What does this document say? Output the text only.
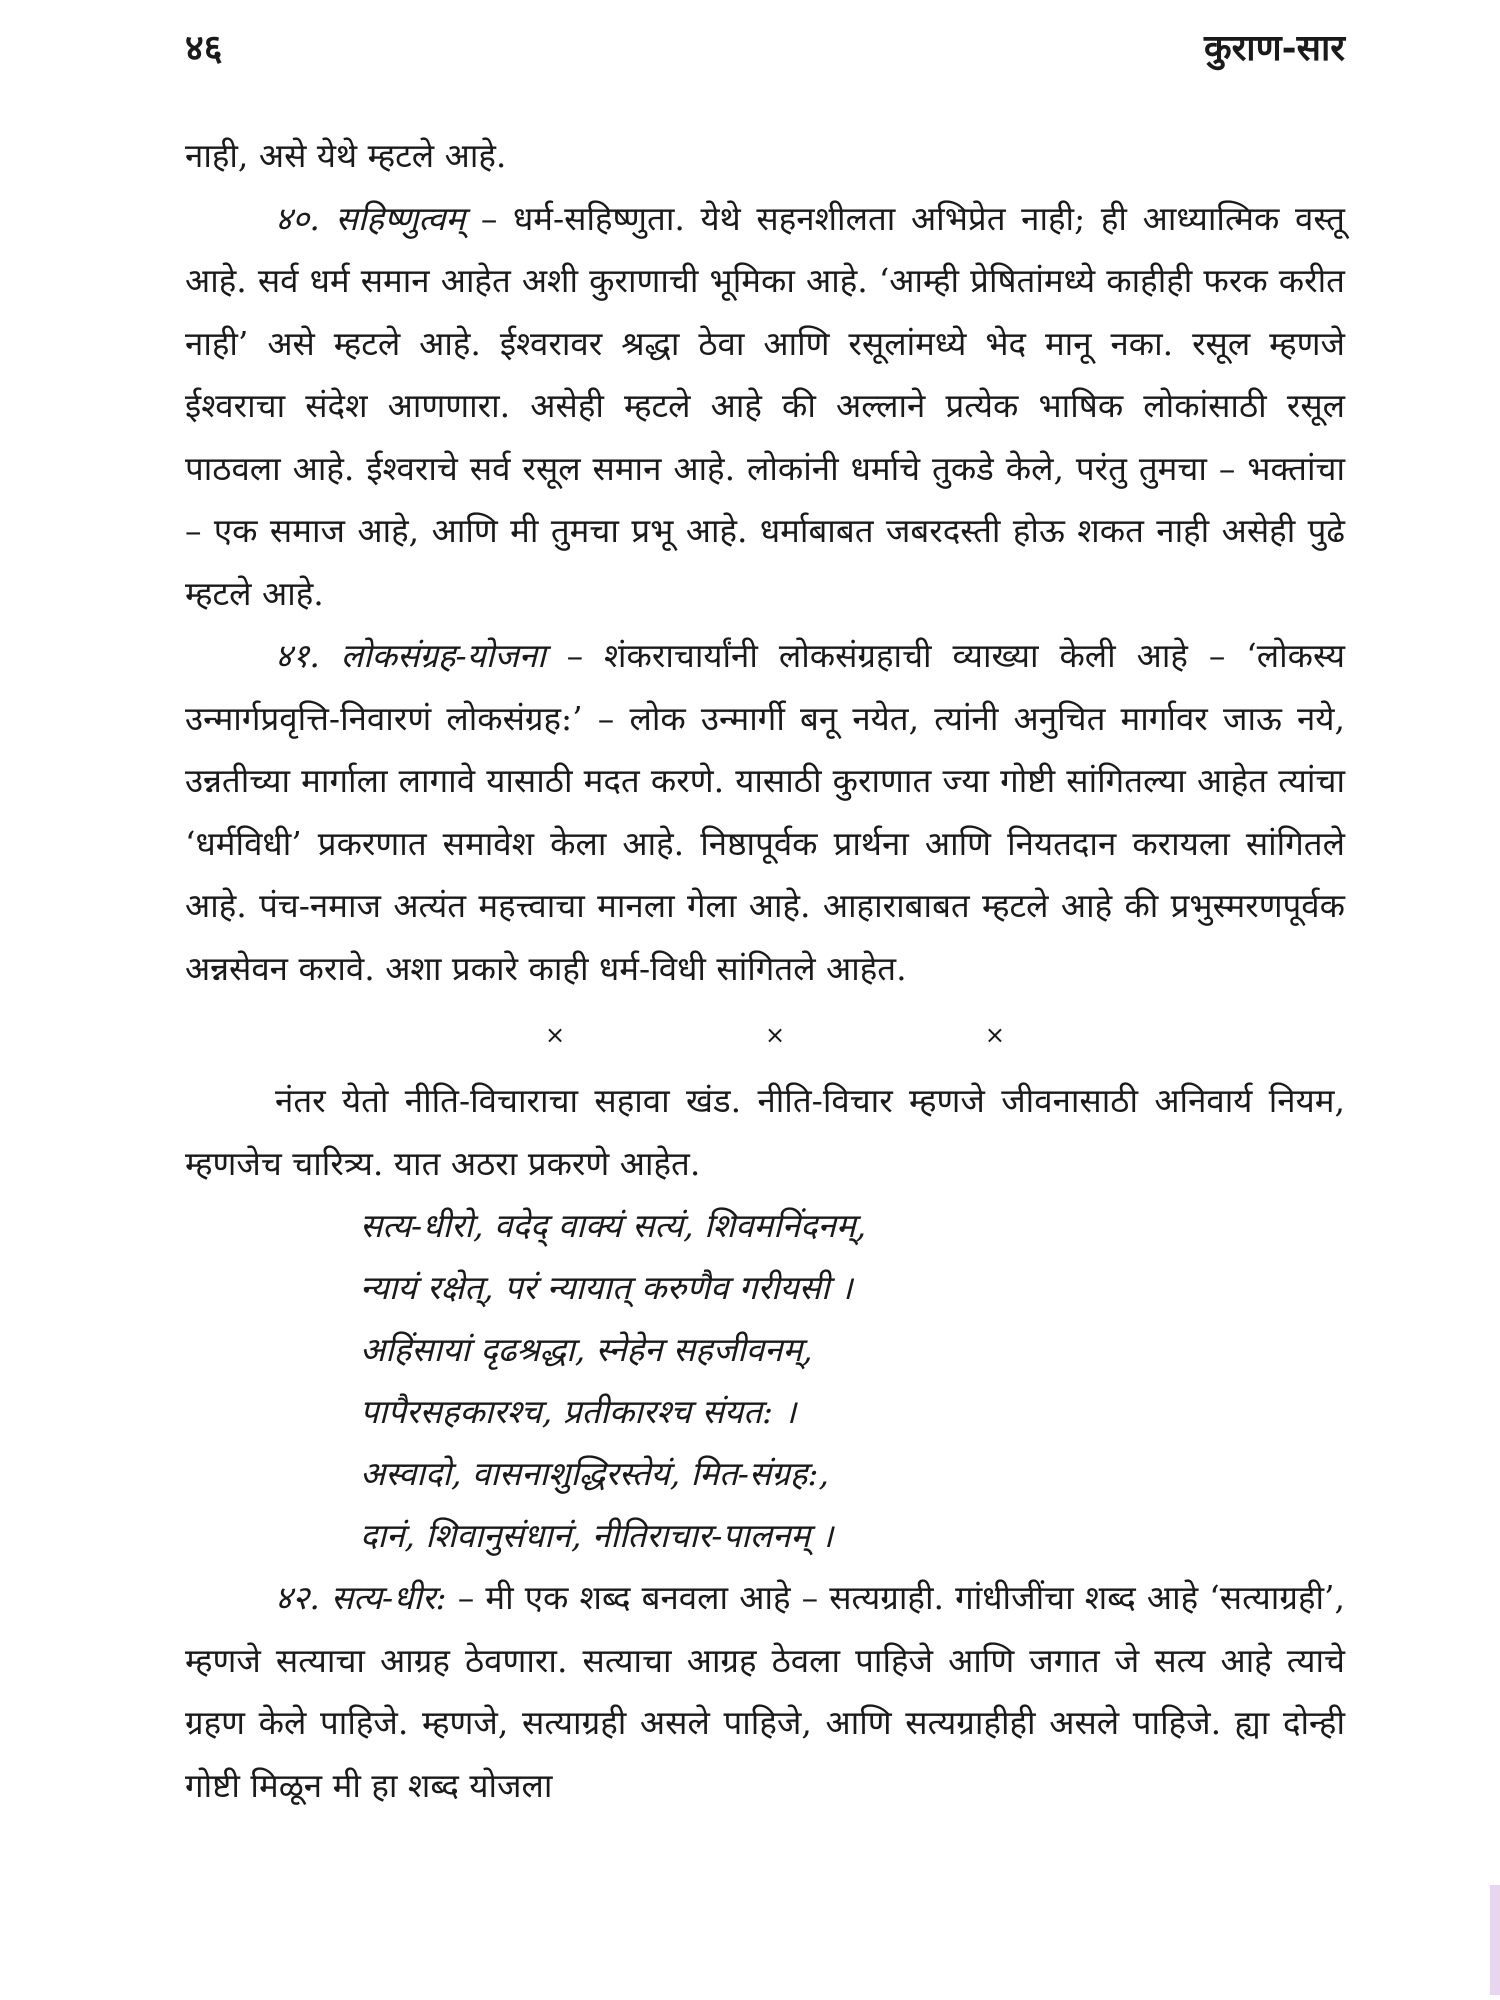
४६	कुराण-सार

नाही, असे येथे म्हटले आहे.

४०. सहिष्णुत्वम् – धर्म-सहिष्णुता. येथे सहनशीलता अभिप्रेत नाही; ही आध्यात्मिक वस्तू आहे. सर्व धर्म समान आहेत अशी कुराणाची भूमिका आहे. ‘आम्ही प्रेषितांमध्ये काहीही फरक करीत नाही’ असे म्हटले आहे. ईश्वरावर श्रद्धा ठेवा आणि रसूलांमध्ये भेद मानू नका. रसूल म्हणजे ईश्वराचा संदेश आणणारा. असेही म्हटले आहे की अल्लाने प्रत्येक भाषिक लोकांसाठी रसूल पाठवला आहे. ईश्वराचे सर्व रसूल समान आहे. लोकांनी धर्माचे तुकडे केले, परंतु तुमचा – भक्तांचा – एक समाज आहे, आणि मी तुमचा प्रभू आहे. धर्माबाबत जबरदस्ती होऊ शकत नाही असेही पुढे म्हटले आहे.

४१. लोकसंग्रह-योजना – शंकराचार्यांनी लोकसंग्रहाची व्याख्या केली आहे – ‘लोकस्य उन्मार्गप्रवृत्ति-निवारणं लोकसंग्रह:’ – लोक उन्मार्गी बनू नयेत, त्यांनी अनुचित मार्गावर जाऊ नये, उन्नतीच्या मार्गाला लागावे यासाठी मदत करणे. यासाठी कुराणात ज्या गोष्टी सांगितल्या आहेत त्यांचा ‘धर्मविधी’ प्रकरणात समावेश केला आहे. निष्ठापूर्वक प्रार्थना आणि नियतदान करायला सांगितले आहे. पंच-नमाज अत्यंत महत्त्वाचा मानला गेला आहे. आहाराबाबत म्हटले आहे की प्रभुस्मरणपूर्वक अन्नसेवन करावे. अशा प्रकारे काही धर्म-विधी सांगितले आहेत.

×	×	×

नंतर येतो नीति-विचाराचा सहावा खंड. नीति-विचार म्हणजे जीवनासाठी अनिवार्य नियम, म्हणजेच चारित्र्य. यात अठरा प्रकरणे आहेत.

सत्य-धीरो, वदेद् वाक्यं सत्यं, शिवमनिंदनम्,

न्यायं रक्षेत्, परं न्यायात् करुणैव गरीयसी ।

अहिंसायां दृढश्रद्धा, स्नेहेन सहजीवनम्,

पापैरसहकारश्च, प्रतीकारश्च संयत: ।

अस्वादो, वासनाशुद्धिरस्तेयं, मित-संग्रह:,

दानं, शिवानुसंधानं, नीतिराचार-पालनम् ।

४२. सत्य-धीर: – मी एक शब्द बनवला आहे – सत्यग्राही. गांधीजींचा शब्द आहे ‘सत्याग्रही’, म्हणजे सत्याचा आग्रह ठेवणारा. सत्याचा आग्रह ठेवला पाहिजे आणि जगात जे सत्य आहे त्याचे ग्रहण केले पाहिजे. म्हणजे, सत्याग्रही असले पाहिजे, आणि सत्यग्राहीही असले पाहिजे. ह्या दोन्ही गोष्टी मिळून मी हा शब्द योजला
